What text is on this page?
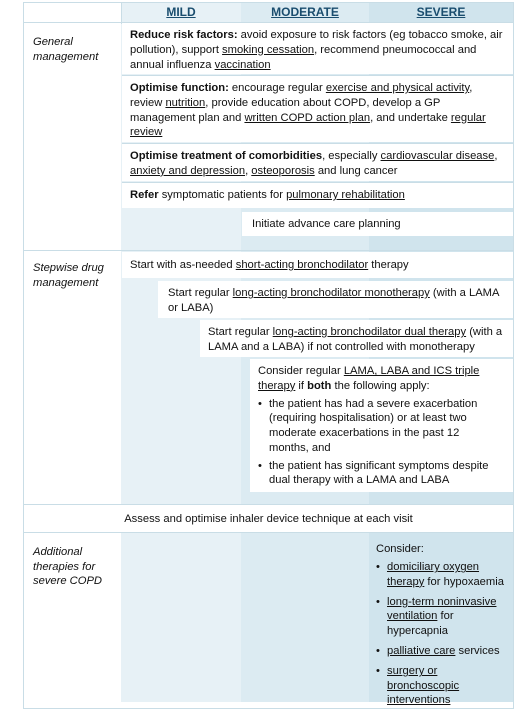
MILD	MODERATE	SEVERE
General management
Reduce risk factors: avoid exposure to risk factors (eg tobacco smoke, air pollution), support smoking cessation, recommend pneumococcal and annual influenza vaccination
Optimise function: encourage regular exercise and physical activity, review nutrition, provide education about COPD, develop a GP management plan and written COPD action plan, and undertake regular review
Optimise treatment of comorbidities, especially cardiovascular disease, anxiety and depression, osteoporosis and lung cancer
Refer symptomatic patients for pulmonary rehabilitation
Initiate advance care planning
Stepwise drug management
Start with as-needed short-acting bronchodilator therapy
Start regular long-acting bronchodilator monotherapy (with a LAMA or LABA)
Start regular long-acting bronchodilator dual therapy (with a LAMA and a LABA) if not controlled with monotherapy
Consider regular LAMA, LABA and ICS triple therapy if both the following apply:
• the patient has had a severe exacerbation (requiring hospitalisation) or at least two moderate exacerbations in the past 12 months, and
• the patient has significant symptoms despite dual therapy with a LAMA and LABA
Assess and optimise inhaler device technique at each visit
Additional therapies for severe COPD
Consider:
• domiciliary oxygen therapy for hypoxaemia
• long-term noninvasive ventilation for hypercapnia
• palliative care services
• surgery or bronchoscopic interventions
